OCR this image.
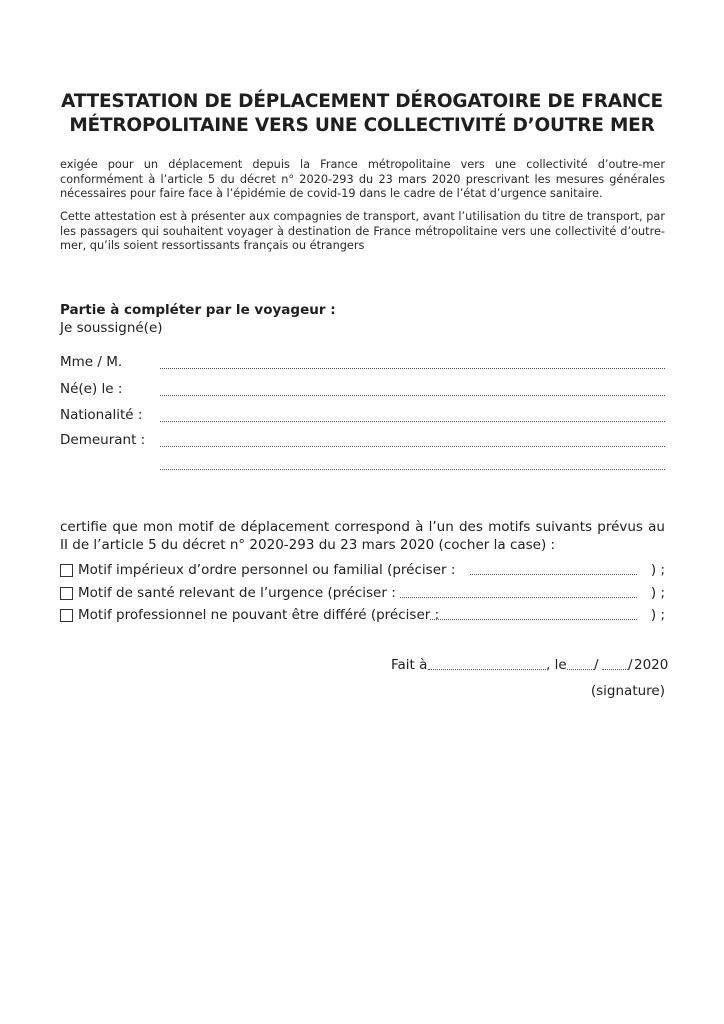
ATTESTATION DE DÉPLACEMENT DÉROGATOIRE DE FRANCE
MÉTROPOLITAINE VERS UNE COLLECTIVITÉ D’OUTRE MER
exigée pour un déplacement depuis la France métropolitaine vers une collectivité d’outre-mer conformément à l’article 5 du décret n° 2020-293 du 23 mars 2020 prescrivant les mesures générales nécessaires pour faire face à l’épidémie de covid-19 dans le cadre de l’état d’urgence sanitaire.
Cette attestation est à présenter aux compagnies de transport, avant l’utilisation du titre de transport, par les passagers qui souhaitent voyager à destination de France métropolitaine vers une collectivité d’outre-mer, qu’ils soient ressortissants français ou étrangers
Partie à compléter par le voyageur :
Je soussigné(e)
Mme / M.
Né(e) le :
Nationalité :
Demeurant :
certifie que mon motif de déplacement correspond à l’un des motifs suivants prévus au II de l’article 5 du décret n° 2020-293 du 23 mars 2020 (cocher la case) :
Motif impérieux d’ordre personnel ou familial (préciser :	) ;
Motif de santé relevant de l’urgence (préciser :	) ;
Motif professionnel ne pouvant être différé (préciser :	) ;
Fait à	, le / / 2020
(signature)
